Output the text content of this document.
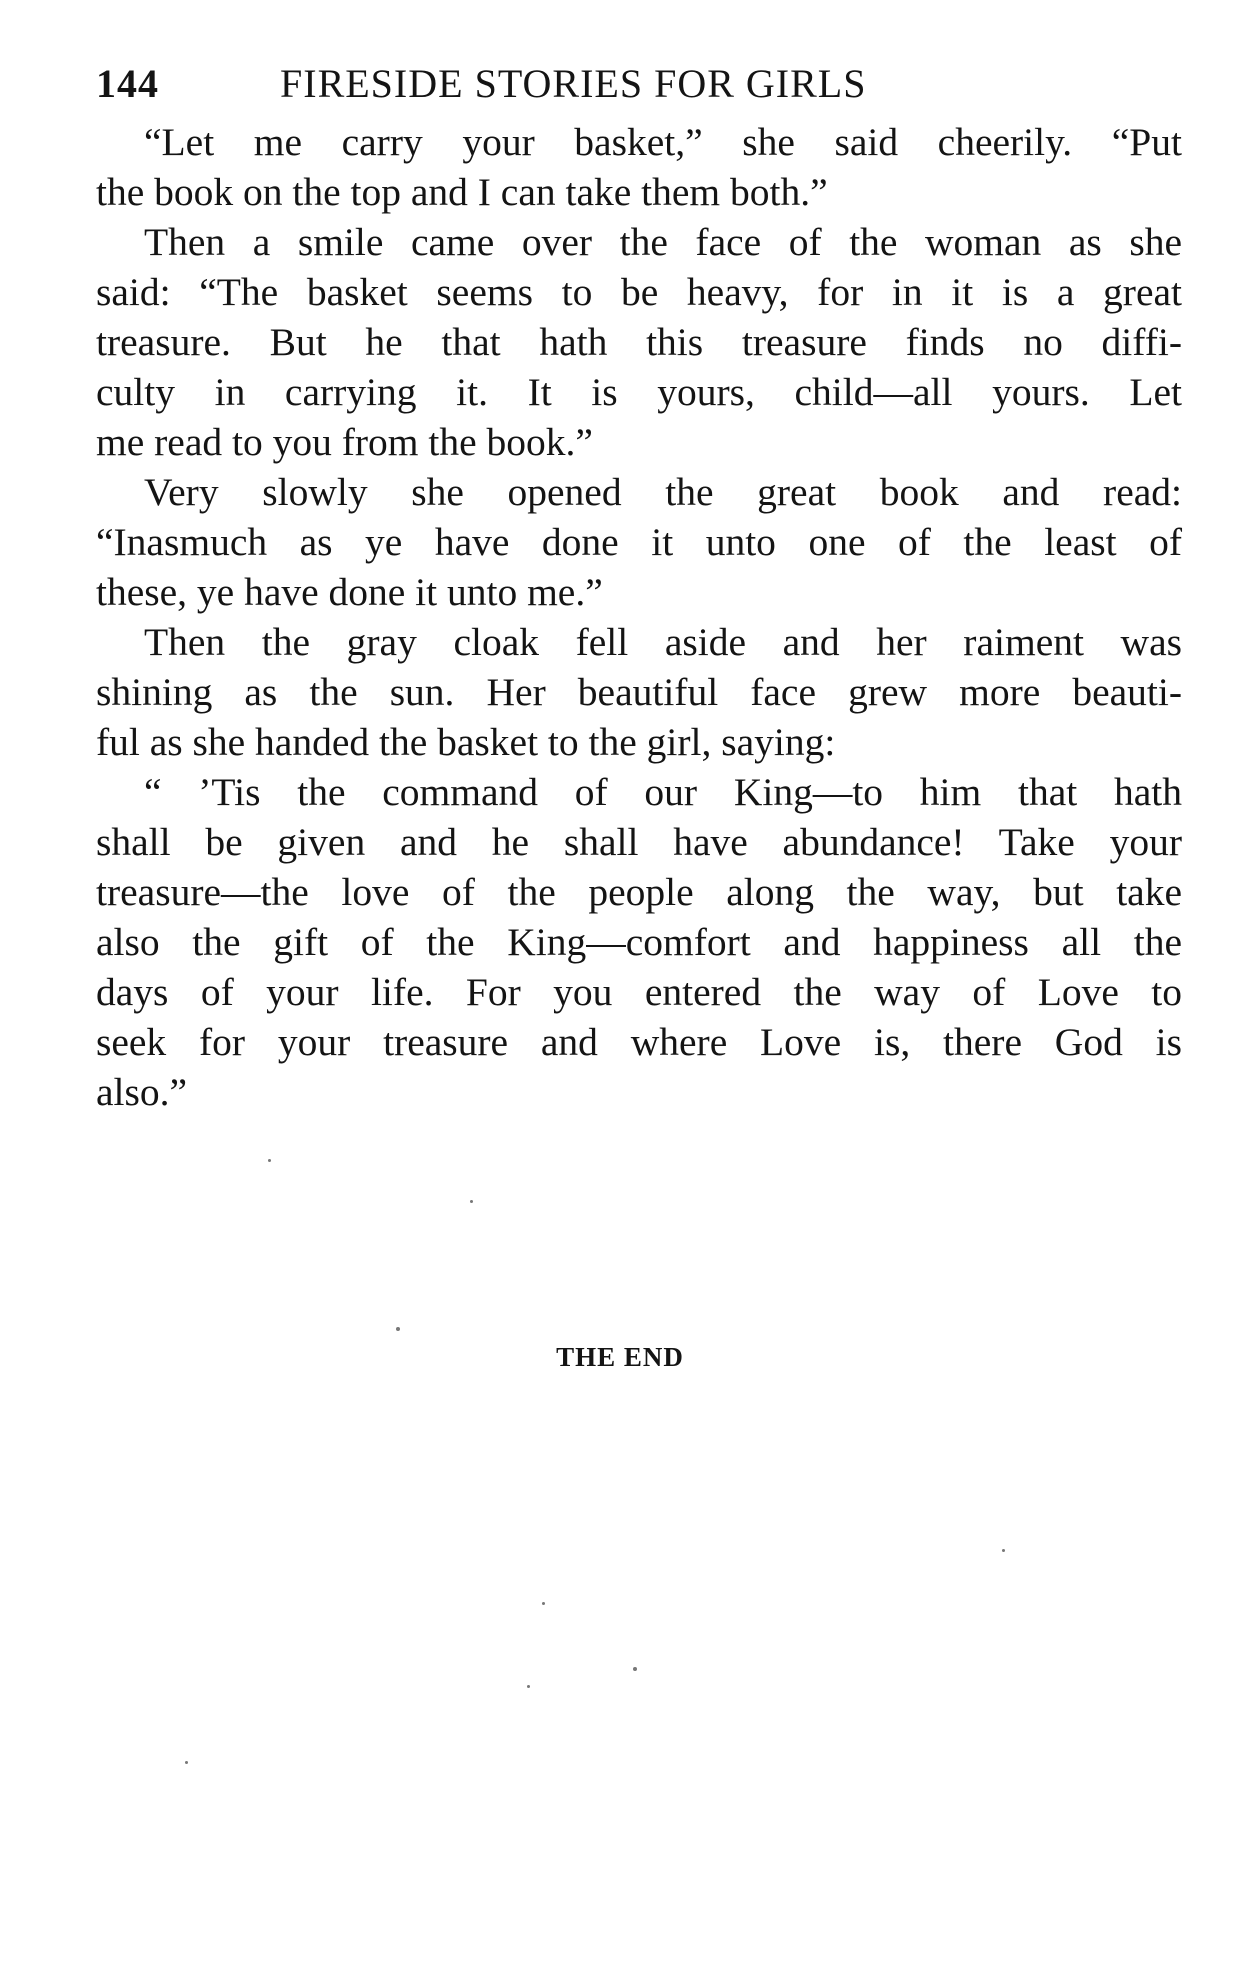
144	FIRESIDE STORIES FOR GIRLS
“Let me carry your basket,” she said cheerily. “Put
the book on the top and I can take them both.”
Then a smile came over the face of the woman as she
said: “The basket seems to be heavy, for in it is a great
treasure. But he that hath this treasure finds no diffi-
culty in carrying it. It is yours, child—all yours. Let
me read to you from the book.”
Very slowly she opened the great book and read:
“Inasmuch as ye have done it unto one of the least of
these, ye have done it unto me.”
Then the gray cloak fell aside and her raiment was
shining as the sun. Her beautiful face grew more beauti-
ful as she handed the basket to the girl, saying:
“ ’Tis the command of our King—to him that hath
shall be given and he shall have abundance! Take your
treasure—the love of the people along the way, but take
also the gift of the King—comfort and happiness all the
days of your life. For you entered the way of Love to
seek for your treasure and where Love is, there God is
also.”
THE END
